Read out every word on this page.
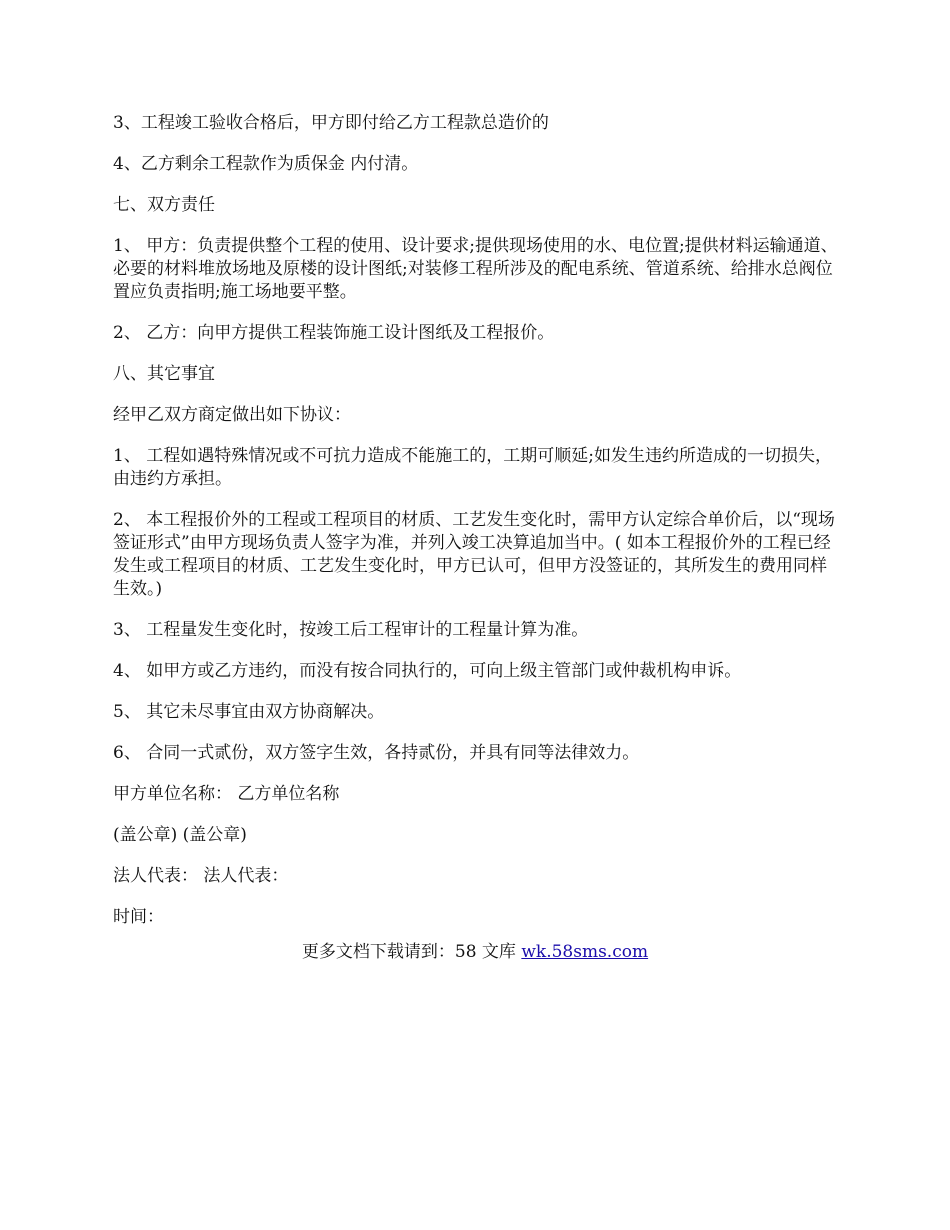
3、工程竣工验收合格后，甲方即付给乙方工程款总造价的

4、乙方剩余工程款作为质保金 内付清。

七、双方责任

1、 甲方：负责提供整个工程的使用、设计要求;提供现场使用的水、电位置;提供材料运输通道、必要的材料堆放场地及原楼的设计图纸;对装修工程所涉及的配电系统、管道系统、给排水总阀位置应负责指明;施工场地要平整。

2、 乙方：向甲方提供工程装饰施工设计图纸及工程报价。

八、其它事宜

经甲乙双方商定做出如下协议：

1、 工程如遇特殊情况或不可抗力造成不能施工的，工期可顺延;如发生违约所造成的一切损失，由违约方承担。

2、 本工程报价外的工程或工程项目的材质、工艺发生变化时，需甲方认定综合单价后，以“现场签证形式”由甲方现场负责人签字为准，并列入竣工决算追加当中。( 如本工程报价外的工程已经发生或工程项目的材质、工艺发生变化时，甲方已认可，但甲方没签证的，其所发生的费用同样生效。)

3、 工程量发生变化时，按竣工后工程审计的工程量计算为准。

4、 如甲方或乙方违约，而没有按合同执行的，可向上级主管部门或仲裁机构申诉。

5、 其它未尽事宜由双方协商解决。

6、 合同一式贰份，双方签字生效，各持贰份，并具有同等法律效力。

甲方单位名称： 乙方单位名称

(盖公章) (盖公章)

法人代表： 法人代表：

时间：

更多文档下载请到：58 文库 wk.58sms.com
